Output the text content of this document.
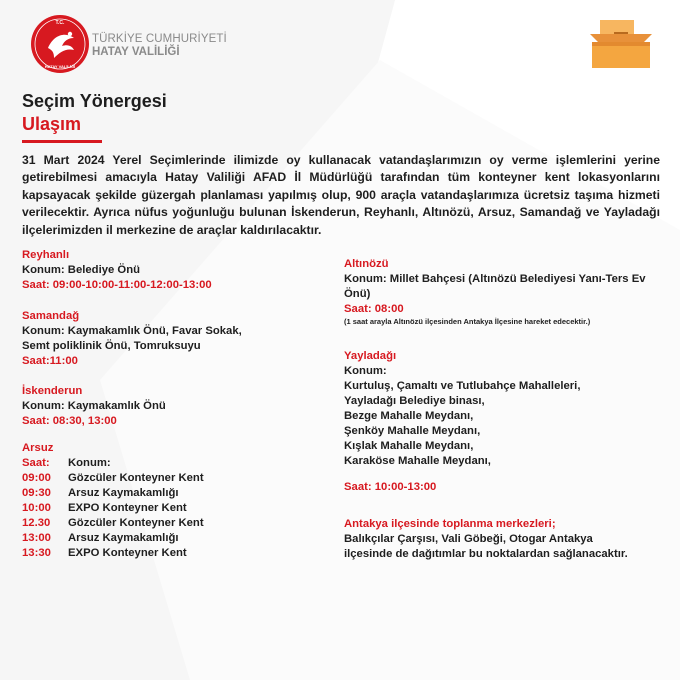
T.C.
HATAY VALİLİĞİ
TÜRKİYE CUMHURİYETİ
HATAY VALİLİĞİ
Seçim Yönergesi
Ulaşım
31 Mart 2024 Yerel Seçimlerinde ilimizde oy kullanacak vatandaşlarımızın oy verme işlemlerini yerine getirebilmesi amacıyla Hatay Valiliği AFAD İl Müdürlüğü tarafından tüm konteyner kent lokasyonlarını kapsayacak şekilde güzergah planlaması yapılmış olup, 900 araçla vatandaşlarımıza ücretsiz taşıma hizmeti verilecektir. Ayrıca nüfus yoğunluğu bulunan İskenderun, Reyhanlı, Altınözü, Arsuz, Samandağ ve Yayladağı ilçelerimizden il merkezine de araçlar kaldırılacaktır.
Reyhanlı
Konum: Belediye Önü
Saat: 09:00-10:00-11:00-12:00-13:00
Samandağ
Konum: Kaymakamlık Önü, Favar Sokak,
Semt poliklinik Önü, Tomruksuyu
Saat:11:00
İskenderun
Konum: Kaymakamlık Önü
Saat: 08:30, 13:00
Arsuz
Saat:	Konum:
09:00	Gözcüler Konteyner Kent
09:30	Arsuz Kaymakamlığı
10:00	EXPO Konteyner Kent
12.30	Gözcüler Konteyner Kent
13:00	Arsuz Kaymakamlığı
13:30	EXPO Konteyner Kent
Altınözü
Konum: Millet Bahçesi (Altınözü Belediyesi Yanı-Ters Ev
Önü)
Saat: 08:00
(1 saat arayla Altınözü ilçesinden Antakya İlçesine hareket edecektir.)
Yayladağı
Konum:
Kurtuluş, Çamaltı ve Tutlubahçe Mahalleleri,
Yayladağı Belediye binası,
Bezge Mahalle Meydanı,
Şenköy Mahalle Meydanı,
Kışlak Mahalle Meydanı,
Karaköse Mahalle Meydanı,
Saat: 10:00-13:00
Antakya ilçesinde toplanma merkezleri;
Balıkçılar Çarşısı, Vali Göbeği, Otogar Antakya
ilçesinde de dağıtımlar bu noktalardan sağlanacaktır.
